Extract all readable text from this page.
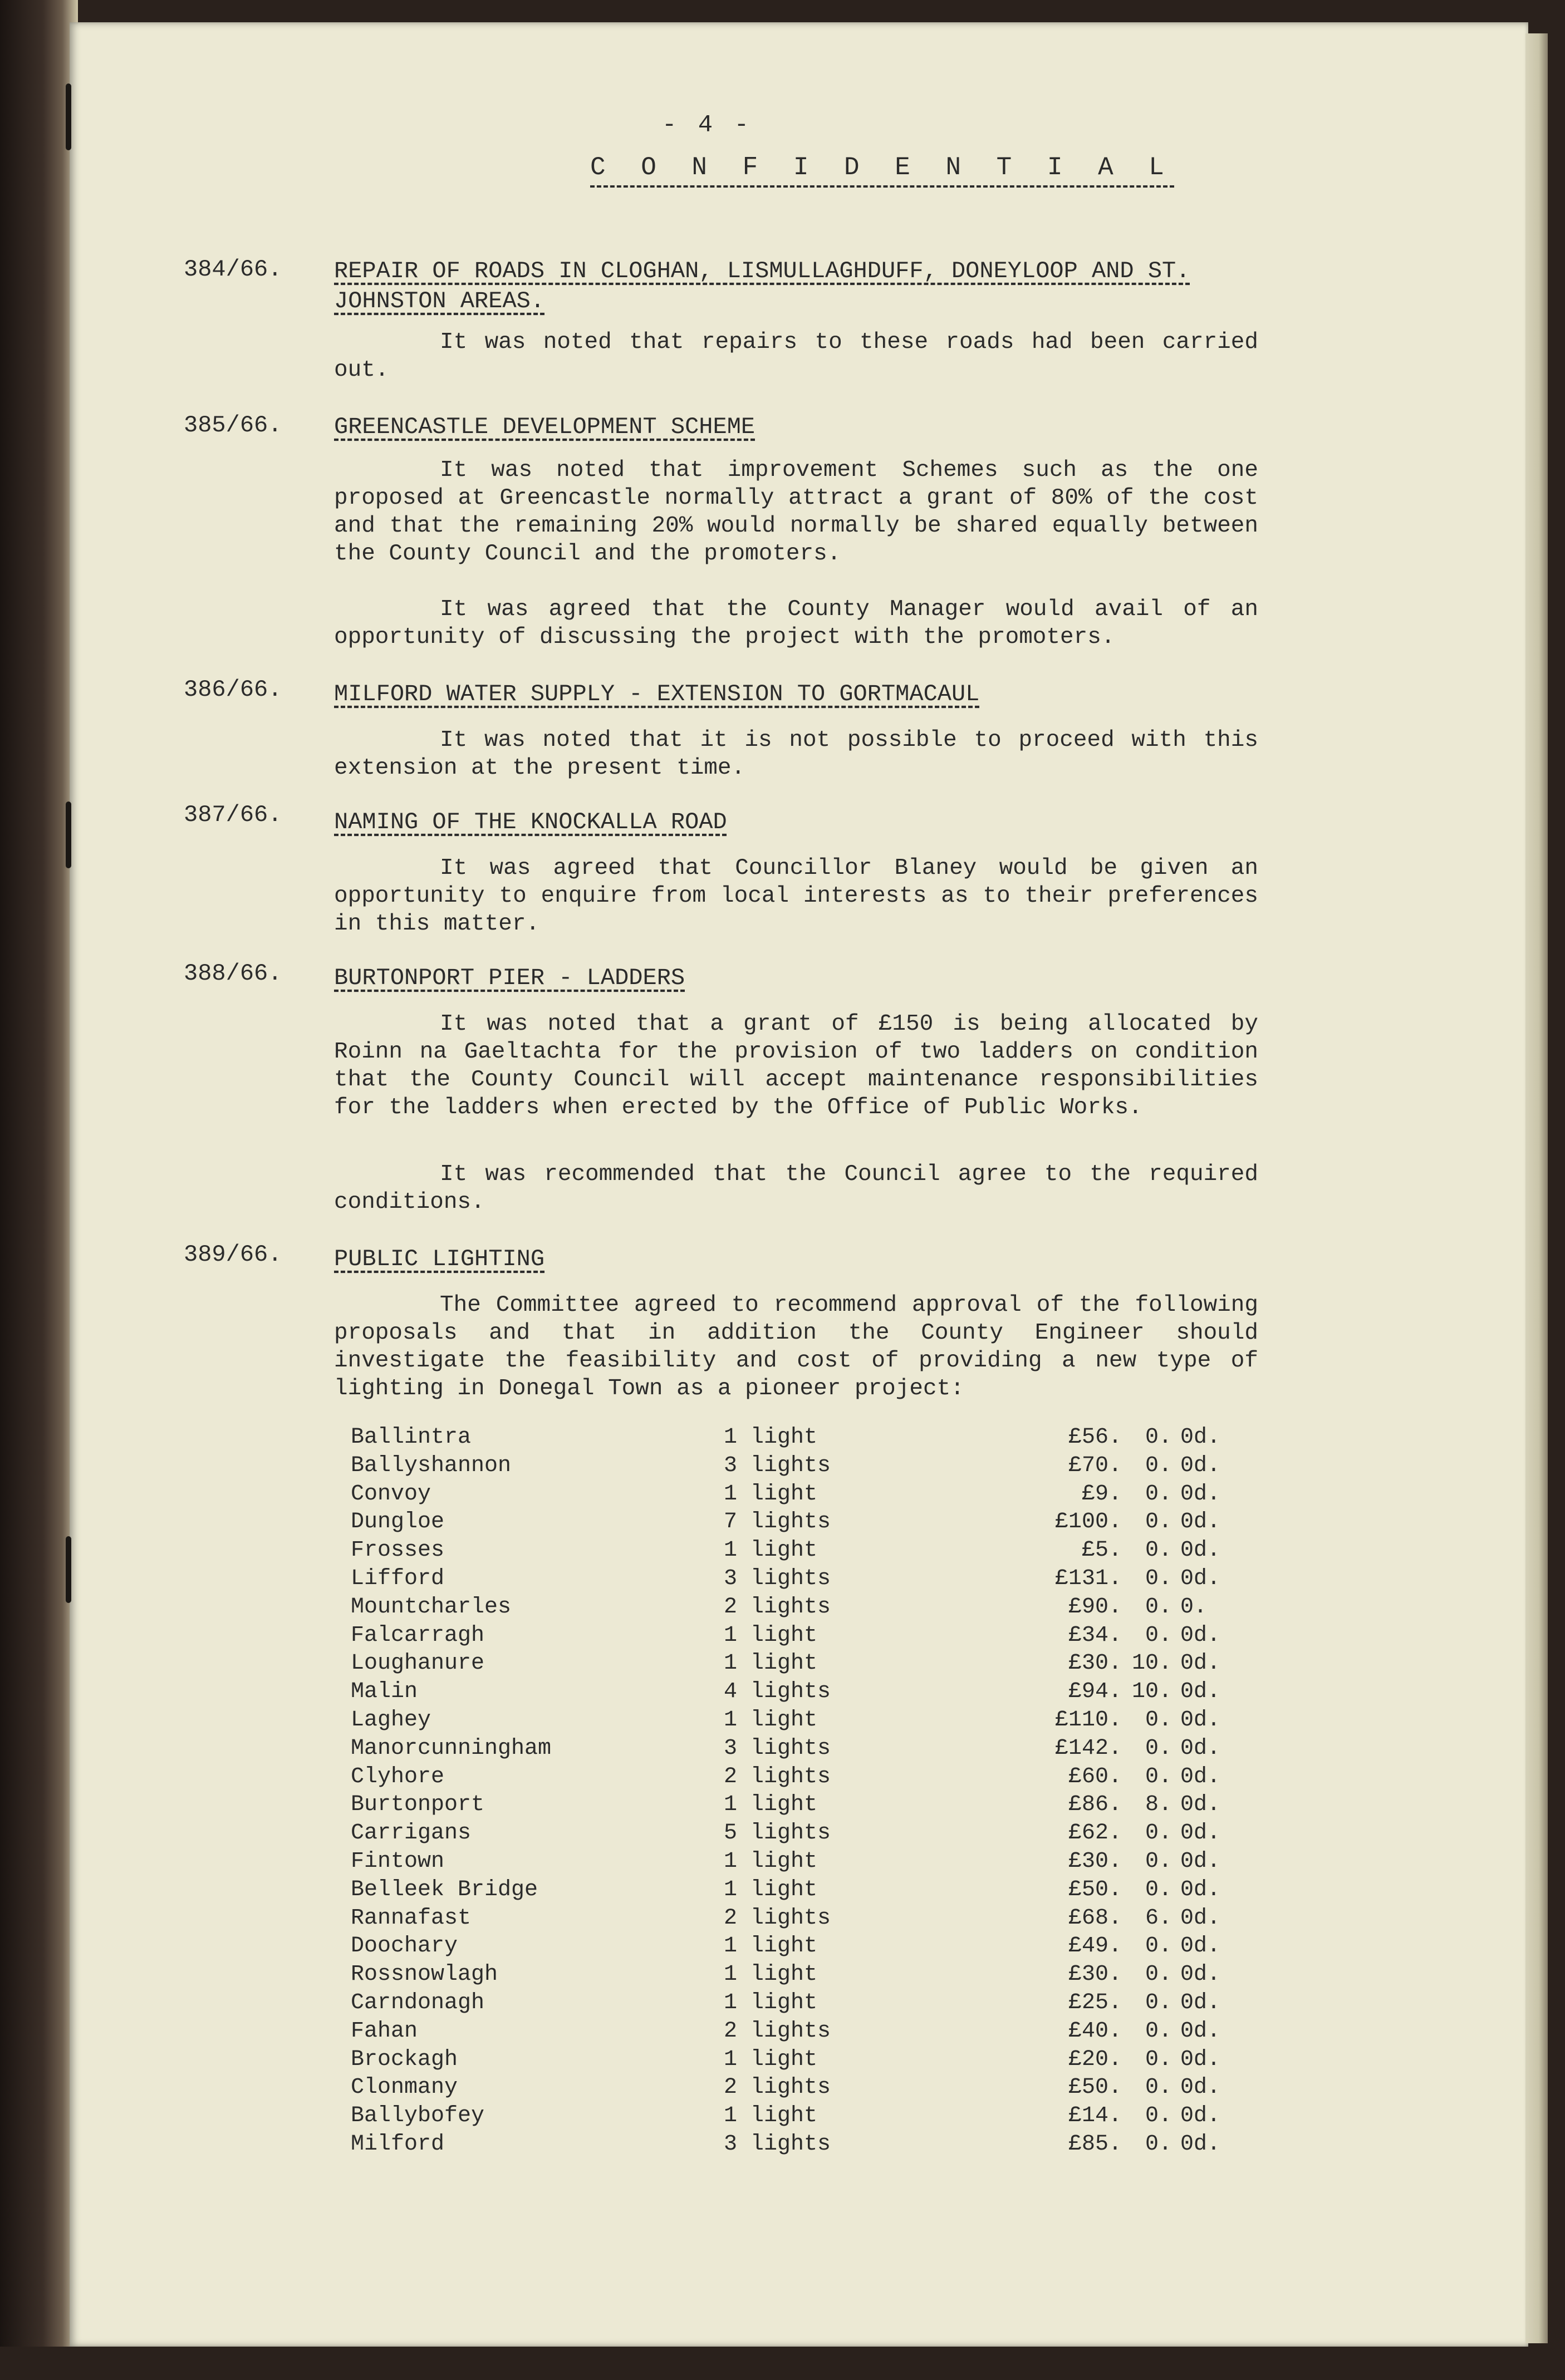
- 4 -
C O N F I D E N T I A L
384/66. REPAIR OF ROADS IN CLOGHAN, LISMULLAGHDUFF, DONEYLOOP AND ST. JOHNSTON AREAS.
It was noted that repairs to these roads had been carried out.
385/66. GREENCASTLE DEVELOPMENT SCHEME
It was noted that improvement Schemes such as the one proposed at Greencastle normally attract a grant of 80% of the cost and that the remaining 20% would normally be shared equally between the County Council and the promoters.
It was agreed that the County Manager would avail of an opportunity of discussing the project with the promoters.
386/66. MILFORD WATER SUPPLY - EXTENSION TO GORTMACAUL
It was noted that it is not possible to proceed with this extension at the present time.
387/66. NAMING OF THE KNOCKALLA ROAD
It was agreed that Councillor Blaney would be given an opportunity to enquire from local interests as to their preferences in this matter.
388/66. BURTONPORT PIER - LADDERS
It was noted that a grant of £150 is being allocated by Roinn na Gaeltachta for the provision of two ladders on condition that the County Council will accept maintenance responsibilities for the ladders when erected by the Office of Public Works.
It was recommended that the Council agree to the required conditions.
389/66. PUBLIC LIGHTING
The Committee agreed to recommend approval of the following proposals and that in addition the County Engineer should investigate the feasibility and cost of providing a new type of lighting in Donegal Town as a pioneer project:
Ballintra	1 light	£56.	0. 0d.
Ballyshannon	3 lights	£70.	0. 0d.
Convoy	1 light	£9.	0. 0d.
Dungloe	7 lights	£100.	0. 0d.
Frosses	1 light	£5.	0. 0d.
Lifford	3 lights	£131.	0. 0d.
Mountcharles	2 lights	£90.	0. 0.
Falcarragh	1 light	£34.	0. 0d.
Loughanure	1 light	£30. 10. 0d.
Malin	4 lights	£94. 10. 0d.
Laghey	1 light	£110.	0. 0d.
Manorcunningham	3 lights	£142.	0. 0d.
Clyhore	2 lights	£60.	0. 0d.
Burtonport	1 light	£86.	8. 0d.
Carrigans	5 lights	£62.	0. 0d.
Fintown	1 light	£30.	0. 0d.
Belleek Bridge	1 light	£50.	0. 0d.
Rannafast	2 lights	£68.	6. 0d.
Doochary	1 light	£49.	0. 0d.
Rossnowlagh	1 light	£30.	0. 0d.
Carndonagh	1 light	£25.	0. 0d.
Fahan	2 lights	£40.	0. 0d.
Brockagh	1 light	£20.	0. 0d.
Clonmany	2 lights	£50.	0. 0d.
Ballybofey	1 light	£14.	0. 0d.
Milford	3 lights	£85.	0. 0d.
